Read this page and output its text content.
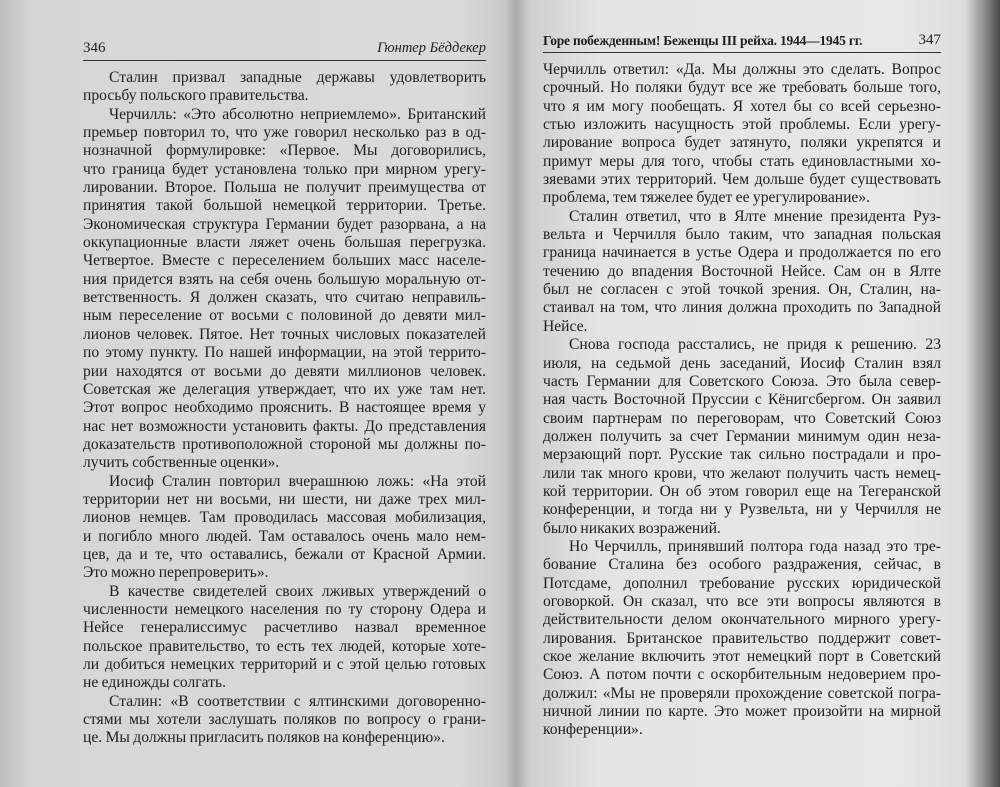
346	Гюнтер Бёддекер
Сталин призвал западные державы удовлетворить
просьбу польского правительства.
Черчилль: «Это абсолютно неприемлемо». Британский
премьер повторил то, что уже говорил несколько раз в од-
нозначной формулировке: «Первое. Мы договорились,
что граница будет установлена только при мирном урегу-
лировании. Второе. Польша не получит преимущества от
принятия такой большой немецкой территории. Третье.
Экономическая структура Германии будет разорвана, а на
оккупационные власти ляжет очень большая перегрузка.
Четвертое. Вместе с переселением больших масс населе-
ния придется взять на себя очень большую моральную от-
ветственность. Я должен сказать, что считаю неправиль-
ным переселение от восьми с половиной до девяти мил-
лионов человек. Пятое. Нет точных числовых показателей
по этому пункту. По нашей информации, на этой террито-
рии находятся от восьми до девяти миллионов человек.
Советская же делегация утверждает, что их уже там нет.
Этот вопрос необходимо прояснить. В настоящее время у
нас нет возможности установить факты. До представления
доказательств противоположной стороной мы должны по-
лучить собственные оценки».
Иосиф Сталин повторил вчерашнюю ложь: «На этой
территории нет ни восьми, ни шести, ни даже трех мил-
лионов немцев. Там проводилась массовая мобилизация,
и погибло много людей. Там оставалось очень мало нем-
цев, да и те, что оставались, бежали от Красной Армии.
Это можно перепроверить».
В качестве свидетелей своих лживых утверждений о
численности немецкого населения по ту сторону Одера и
Нейсе генералиссимус расчетливо назвал временное
польское правительство, то есть тех людей, которые хоте-
ли добиться немецких территорий и с этой целью готовых
не единожды солгать.
Сталин: «В соответствии с ялтинскими договоренно-
стями мы хотели заслушать поляков по вопросу о грани-
це. Мы должны пригласить поляков на конференцию».
Горе побежденным! Беженцы III рейха. 1944—1945 гг.	347
Черчилль ответил: «Да. Мы должны это сделать. Вопрос
срочный. Но поляки будут все же требовать больше того,
что я им могу пообещать. Я хотел бы со всей серьезно-
стью изложить насущность этой проблемы. Если урегу-
лирование вопроса будет затянуто, поляки укрепятся и
примут меры для того, чтобы стать единовластными хо-
зяевами этих территорий. Чем дольше будет существовать
проблема, тем тяжелее будет ее урегулирование».
Сталин ответил, что в Ялте мнение президента Руз-
вельта и Черчилля было таким, что западная польская
граница начинается в устье Одера и продолжается по его
течению до впадения Восточной Нейсе. Сам он в Ялте
был не согласен с этой точкой зрения. Он, Сталин, на-
стаивал на том, что линия должна проходить по Западной
Нейсе.
Снова господа расстались, не придя к решению. 23
июля, на седьмой день заседаний, Иосиф Сталин взял
часть Германии для Советского Союза. Это была север-
ная часть Восточной Пруссии с Кёнигсбергом. Он заявил
своим партнерам по переговорам, что Советский Союз
должен получить за счет Германии минимум один неза-
мерзающий порт. Русские так сильно пострадали и про-
лили так много крови, что желают получить часть немец-
кой территории. Он об этом говорил еще на Тегеранской
конференции, и тогда ни у Рузвельта, ни у Черчилля не
было никаких возражений.
Но Черчилль, принявший полтора года назад это тре-
бование Сталина без особого раздражения, сейчас, в
Потсдаме, дополнил требование русских юридической
оговоркой. Он сказал, что все эти вопросы являются в
действительности делом окончательного мирного урегу-
лирования. Британское правительство поддержит совет-
ское желание включить этот немецкий порт в Советский
Союз. А потом почти с оскорбительным недоверием про-
должил: «Мы не проверяли прохождение советской погра-
ничной линии по карте. Это может произойти на мирной
конференции».
